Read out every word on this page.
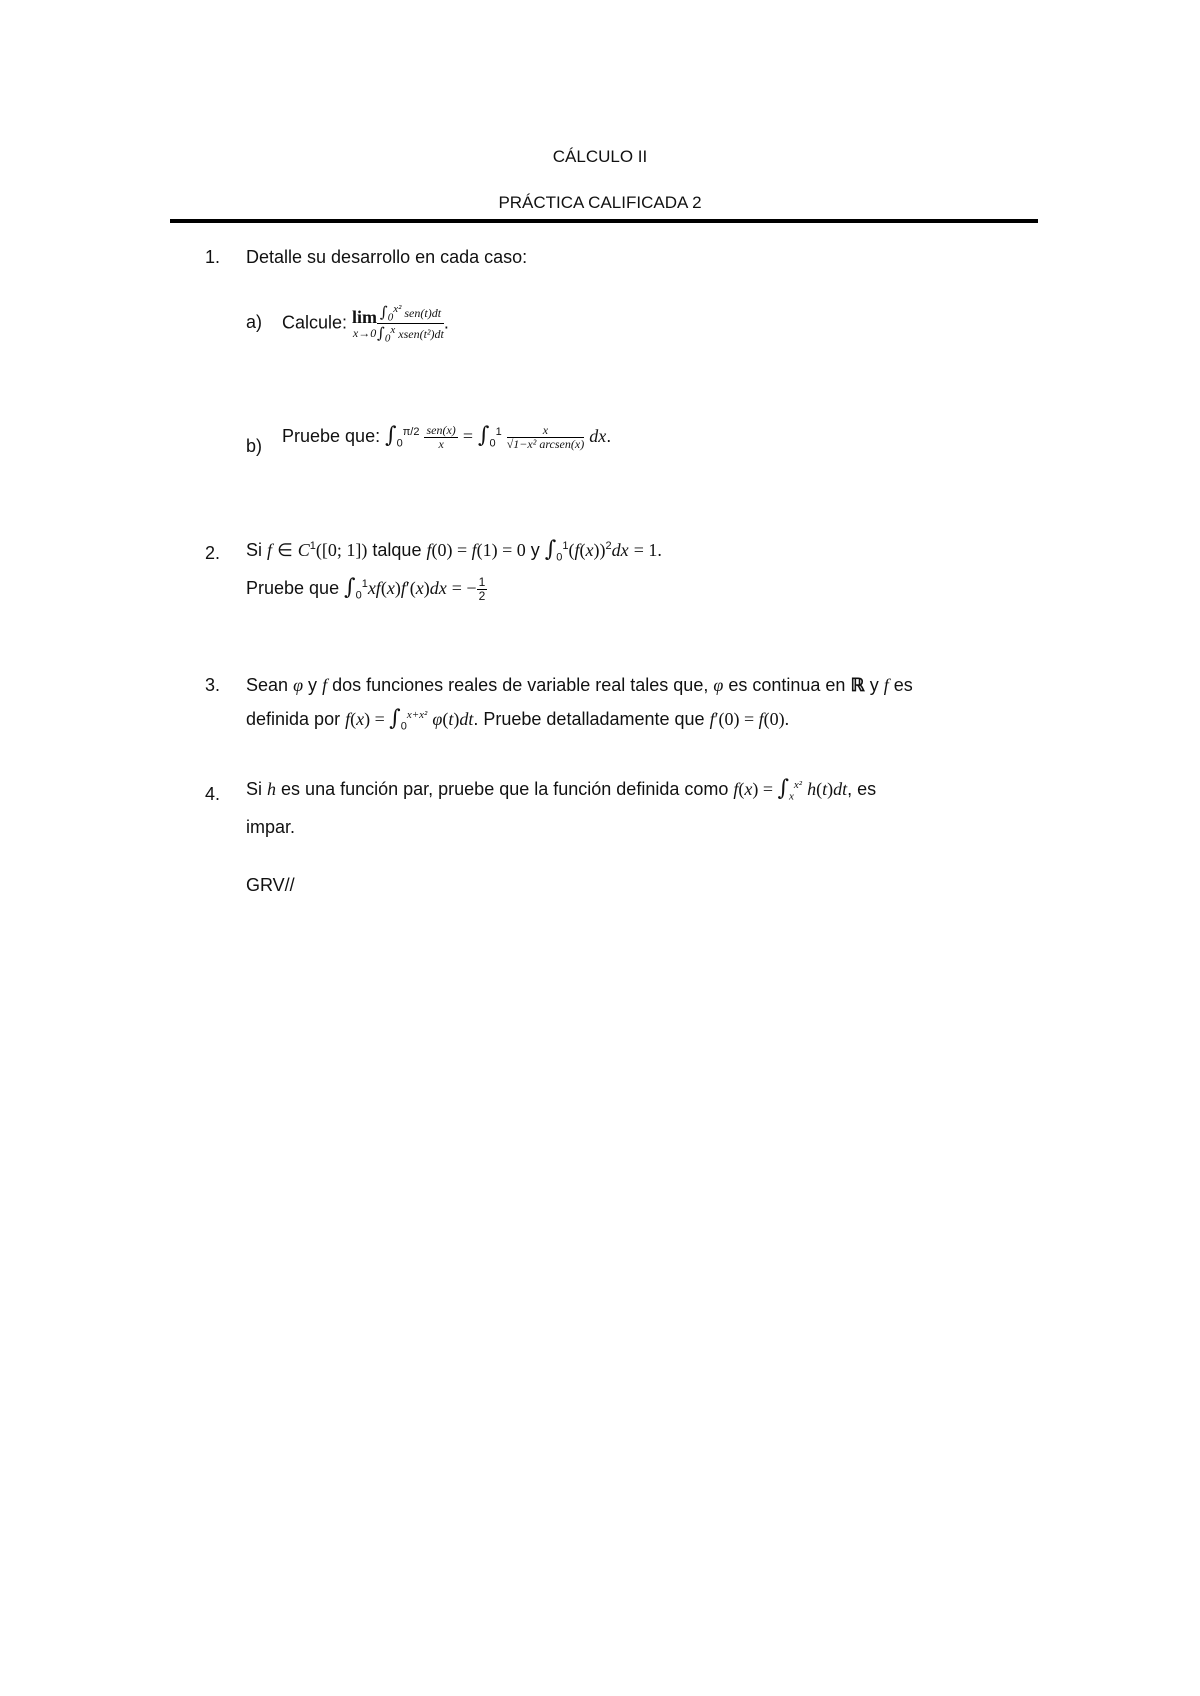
CÁLCULO II
PRÁCTICA CALIFICADA 2
1. Detalle su desarrollo en cada caso:
a) Calcule: lim
$x\to 0 \frac{\int_0^{x^2} sen(t)dt}{\int_0^x xsen(t^2)dt}$ .
b) Pruebe que: $\int_0^{\pi/2} \frac{\text{sen(x)}}{x} = \int_0^1 \frac{x}{\text{√1−x² arcsen(x)}}$ dx.
2. Si f ∈ $C^1([0$; 1]) talque f(0) = f(1) = 0 y $\int_0^1(f(x))^2dx = 1$.
Pruebe que $\int_0^1xf(x)f'(x)dx$ = − $\frac{1}{2}$
3. Sean φ y f dos funciones reales de variable real tales que, φ es continua en ℝ y f es
definida por $f(x) = \int_0^{x+x^2}$ φ(t)dt. Pruebe detalladamente que f′(0) = f(0).
4. Si h es una función par, pruebe que la función definida como $f(x) = \int_x^{x^2}$ h(t)dt, es
impar.
GRV//
